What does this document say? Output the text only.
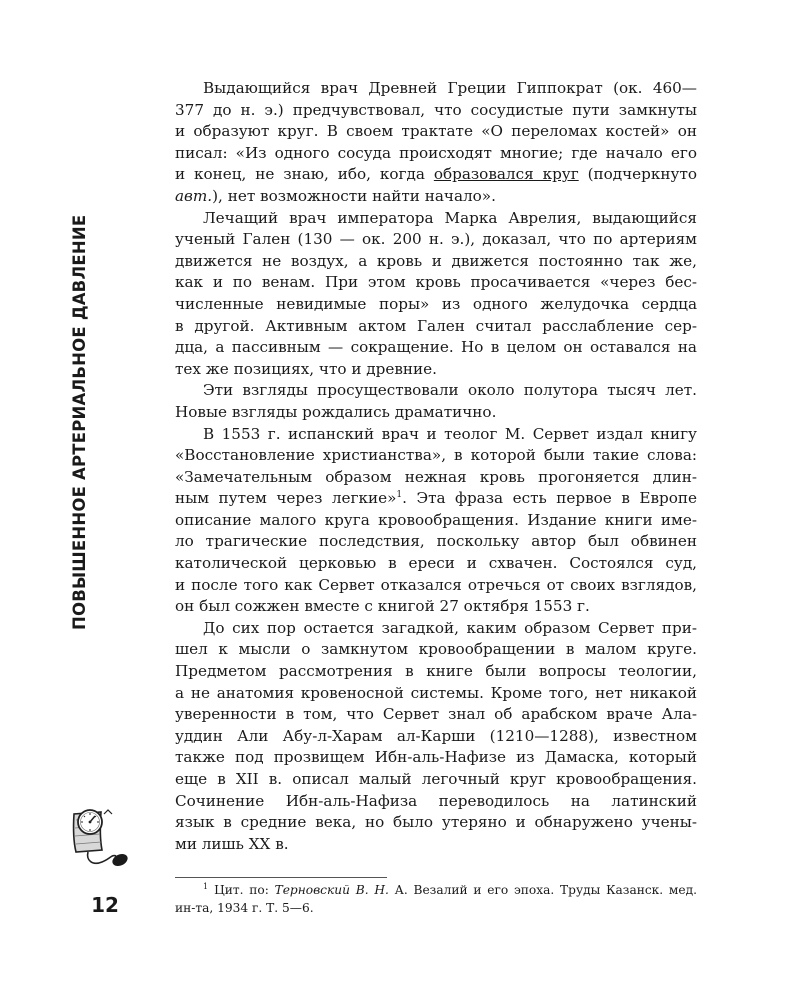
ПОВЫШЕННОЕ АРТЕРИАЛЬНОЕ ДАВЛЕНИЕ
12
Выдающийся врач Древней Греции Гиппократ (ок. 460—
377 до н. э.) предчувствовал, что сосудистые пути замкнуты
и образуют круг. В своем трактате «О переломах костей» он
писал: «Из одного сосуда происходят многие; где начало его
и конец, не знаю, ибо, когда образовался круг (подчеркнуто
авт.), нет возможности найти начало».
Лечащий врач императора Марка Аврелия, выдающийся
ученый Гален (130 — ок. 200 н. э.), доказал, что по артериям
движется не воздух, а кровь и движется постоянно так же,
как и по венам. При этом кровь просачивается «через бес-
численные невидимые поры» из одного желудочка сердца
в другой. Активным актом Гален считал расслабление сер-
дца, а пассивным — сокращение. Но в целом он оставался на
тех же позициях, что и древние.
Эти взгляды просуществовали около полутора тысяч лет.
Новые взгляды рождались драматично.
В 1553 г. испанский врач и теолог М. Сервет издал книгу
«Восстановление христианства», в которой были такие слова:
«Замечательным образом нежная кровь прогоняется длин-
ным путем через легкие»$^1$. Эта фраза есть первое в Европе
описание малого круга кровообращения. Издание книги име-
ло трагические последствия, поскольку автор был обвинен
католической церковью в ереси и схвачен. Состоялся суд,
и после того как Сервет отказался отречься от своих взглядов,
он был сожжен вместе с книгой 27 октября 1553 г.
До сих пор остается загадкой, каким образом Сервет при-
шел к мысли о замкнутом кровообращении в малом круге.
Предметом рассмотрения в книге были вопросы теологии,
а не анатомия кровеносной системы. Кроме того, нет никакой
уверенности в том, что Сервет знал об арабском враче Ала-
уддин Али Абу-л-Харам ал-Карши (1210—1288), известном
также под прозвищем Ибн-аль-Нафизе из Дамаска, который
еще в XII в. описал малый легочный круг кровообращения.
Сочинение Ибн-аль-Нафиза переводилось на латинский
язык в средние века, но было утеряно и обнаружено учены-
ми лишь XX в.
$^1$ Цит. по: Терновский В. Н. А. Везалий и его эпоха. Труды Казанск. мед.
ин-та, 1934 г. Т. 5—6.
